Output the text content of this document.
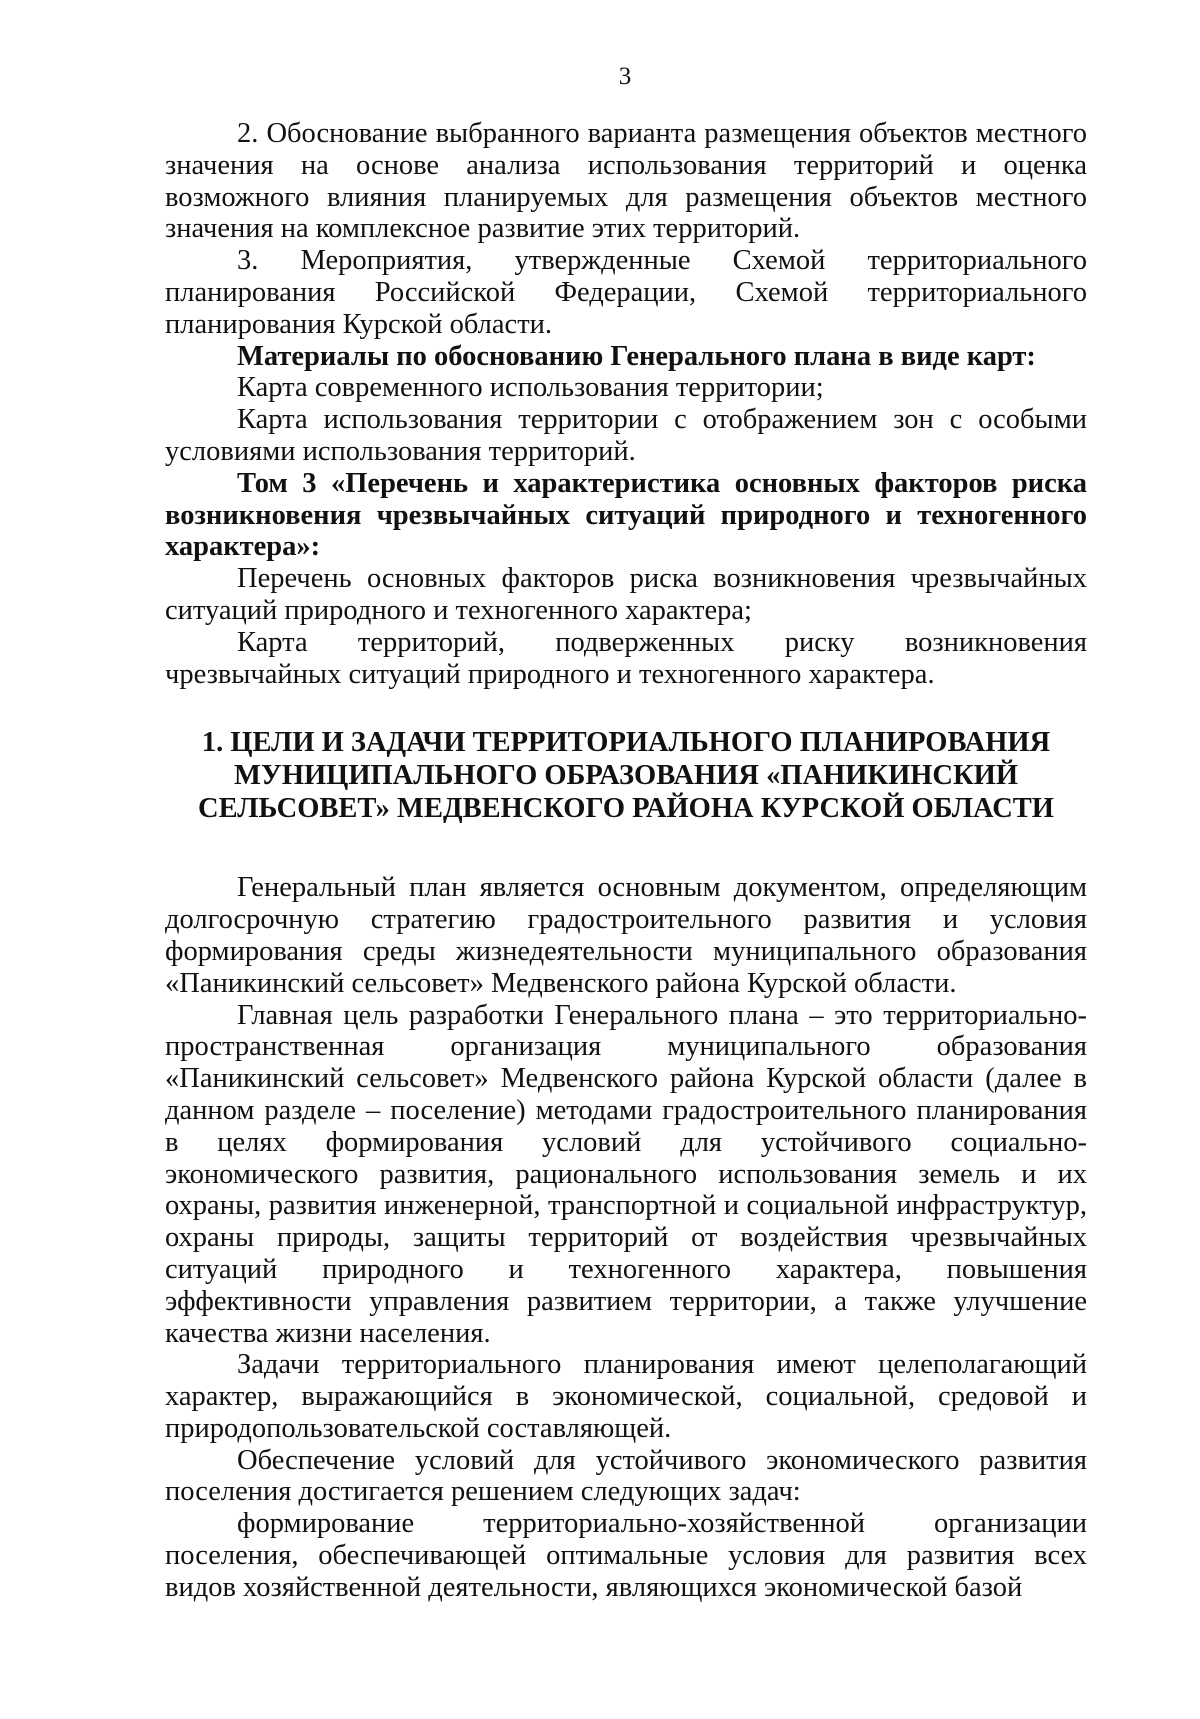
3

2. Обоснование выбранного варианта размещения объектов местного значения на основе анализа использования территорий и оценка возможного влияния планируемых для размещения объектов местного значения на комплексное развитие этих территорий.

3. Мероприятия, утвержденные Схемой территориального планирования Российской Федерации, Схемой территориального планирования Курской области.

Материалы по обоснованию Генерального плана в виде карт:

Карта современного использования территории;

Карта использования территории с отображением зон с особыми условиями использования территорий.

Том 3 «Перечень и характеристика основных факторов риска возникновения чрезвычайных ситуаций природного и техногенного характера»:

Перечень основных факторов риска возникновения чрезвычайных ситуаций природного и техногенного характера;

Карта территорий, подверженных риску возникновения чрезвычайных ситуаций природного и техногенного характера.

1. ЦЕЛИ И ЗАДАЧИ ТЕРРИТОРИАЛЬНОГО ПЛАНИРОВАНИЯ
МУНИЦИПАЛЬНОГО ОБРАЗОВАНИЯ «ПАНИКИНСКИЙ
СЕЛЬСОВЕТ» МЕДВЕНСКОГО РАЙОНА КУРСКОЙ ОБЛАСТИ

Генеральный план является основным документом, определяющим долгосрочную стратегию градостроительного развития и условия формирования среды жизнедеятельности муниципального образования «Паникинский сельсовет» Медвенского района Курской области.

Главная цель разработки Генерального плана – это территориально-пространственная организация муниципального образования «Паникинский сельсовет» Медвенского района Курской области (далее в данном разделе – поселение) методами градостроительного планирования в целях формирования условий для устойчивого социально-экономического развития, рационального использования земель и их охраны, развития инженерной, транспортной и социальной инфраструктур, охраны природы, защиты территорий от воздействия чрезвычайных ситуаций природного и техногенного характера, повышения эффективности управления развитием территории, а также улучшение качества жизни населения.

Задачи территориального планирования имеют целеполагающий характер, выражающийся в экономической, социальной, средовой и природопользовательской составляющей.

Обеспечение условий для устойчивого экономического развития поселения достигается решением следующих задач:

формирование территориально-хозяйственной организации поселения, обеспечивающей оптимальные условия для развития всех видов хозяйственной деятельности, являющихся экономической базой
